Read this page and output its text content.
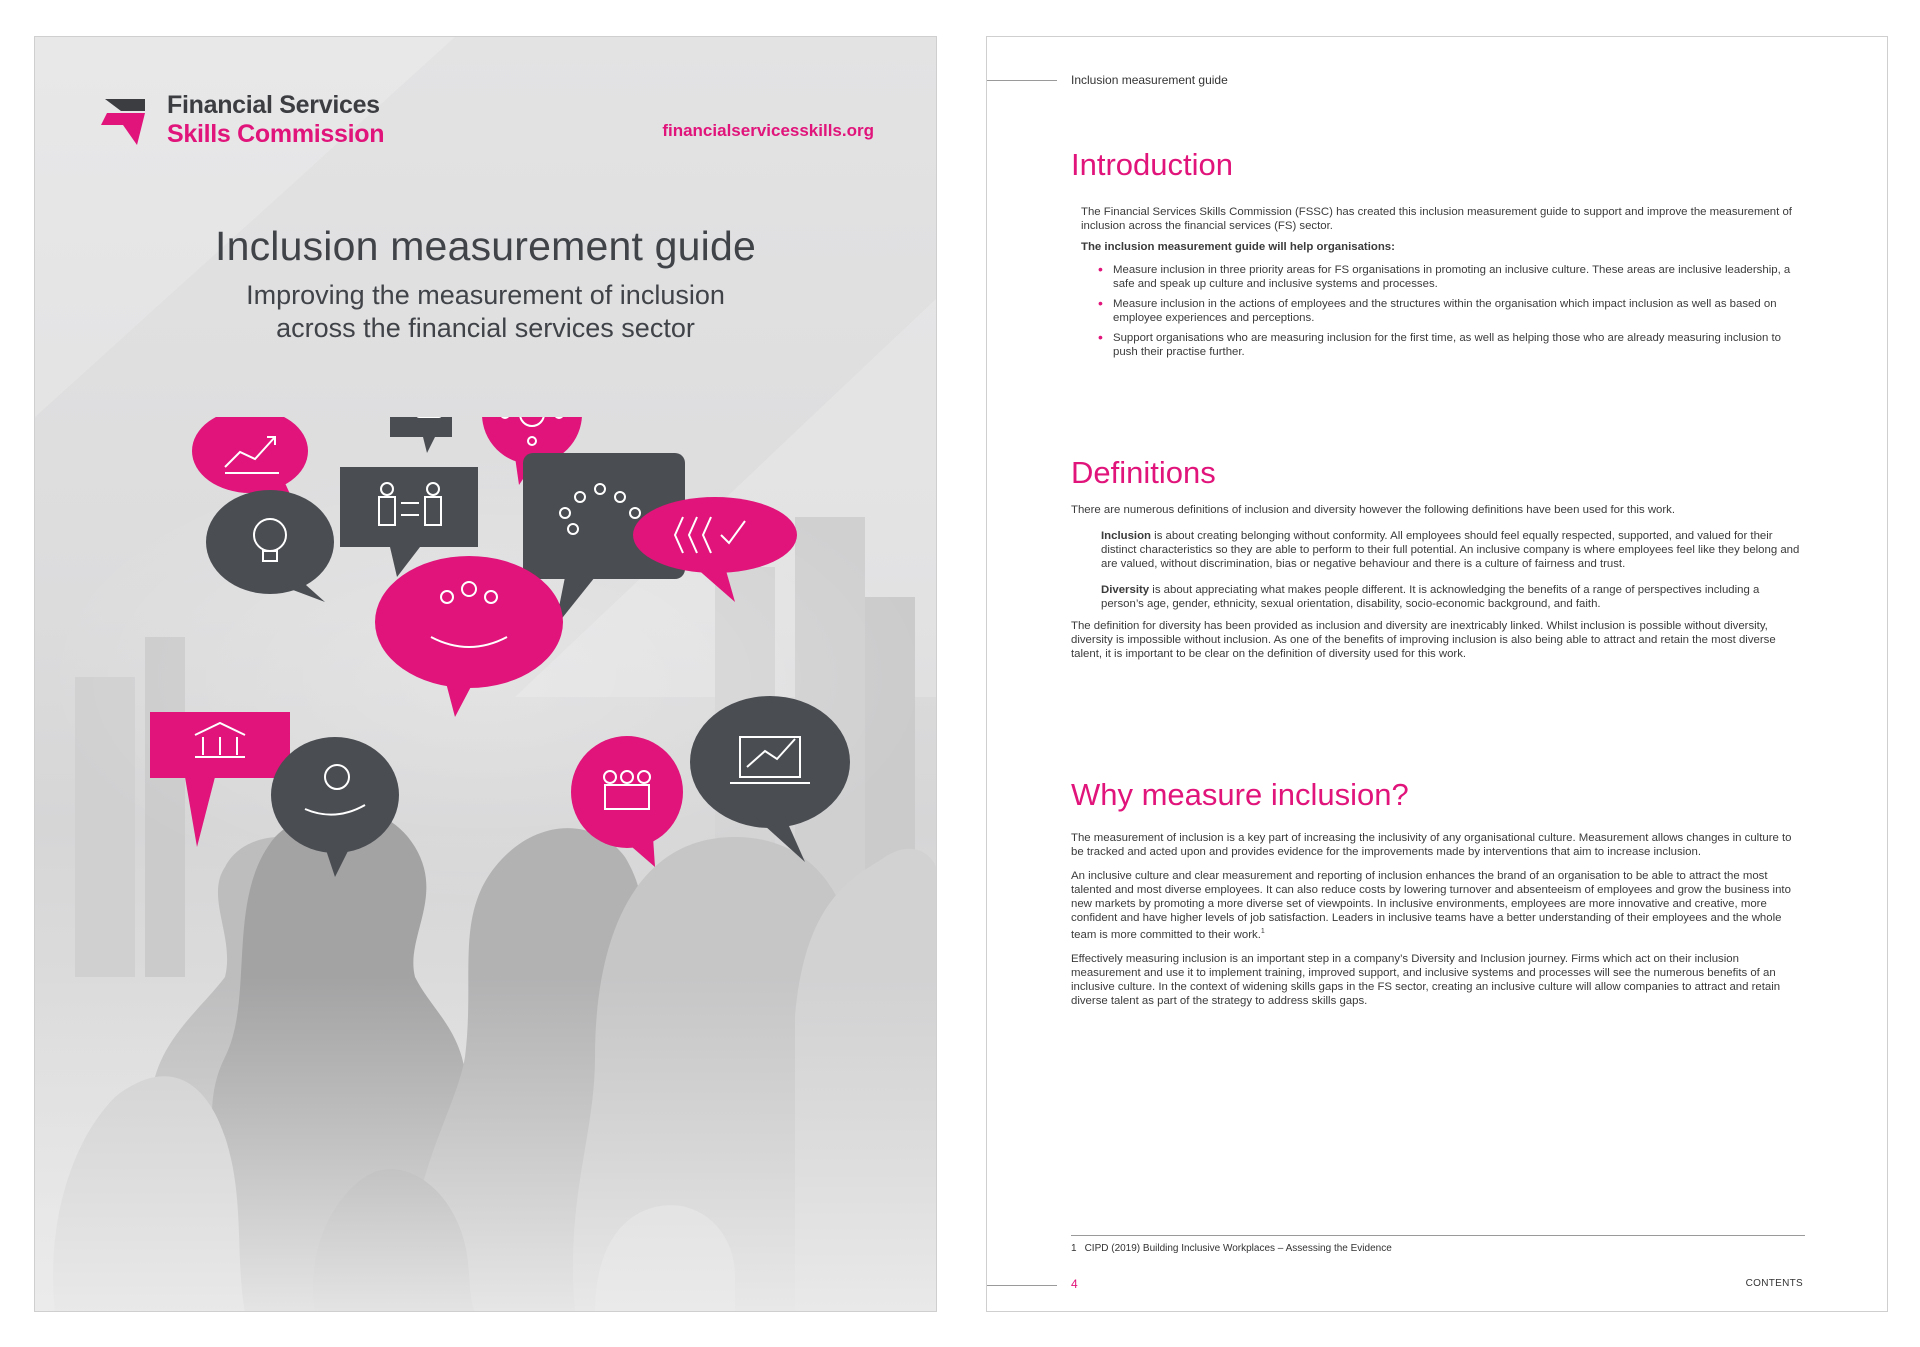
Financial Services
Skills Commission	financialservicesskills.org
Inclusion measurement guide
Improving the measurement of inclusion
across the financial services sector
Inclusion measurement guide
Introduction

The Financial Services Skills Commission (FSSC) has created this inclusion measurement guide to support and improve the measurement of inclusion across the financial services (FS) sector.

The inclusion measurement guide will help organisations:
• Measure inclusion in three priority areas for FS organisations in promoting an inclusive culture. These areas are inclusive leadership, a safe and speak up culture and inclusive systems and processes.
• Measure inclusion in the actions of employees and the structures within the organisation which impact inclusion as well as based on employee experiences and perceptions.
• Support organisations who are measuring inclusion for the first time, as well as helping those who are already measuring inclusion to push their practise further.
Definitions

There are numerous definitions of inclusion and diversity however the following definitions have been used for this work.

Inclusion is about creating belonging without conformity. All employees should feel equally respected, supported, and valued for their distinct characteristics so they are able to perform to their full potential. An inclusive company is where employees feel like they belong and are valued, without discrimination, bias or negative behaviour and there is a culture of fairness and trust.

Diversity is about appreciating what makes people different. It is acknowledging the benefits of a range of perspectives including a person’s age, gender, ethnicity, sexual orientation, disability, socio-economic background, and faith.

The definition for diversity has been provided as inclusion and diversity are inextricably linked. Whilst inclusion is possible without diversity, diversity is impossible without inclusion. As one of the benefits of improving inclusion is also being able to attract and retain the most diverse talent, it is important to be clear on the definition of diversity used for this work.

Why measure inclusion?

The measurement of inclusion is a key part of increasing the inclusivity of any organisational culture. Measurement allows changes in culture to be tracked and acted upon and provides evidence for the improvements made by interventions that aim to increase inclusion.

An inclusive culture and clear measurement and reporting of inclusion enhances the brand of an organisation to be able to attract the most talented and most diverse employees. It can also reduce costs by lowering turnover and absenteeism of employees and grow the business into new markets by promoting a more diverse set of viewpoints. In inclusive environments, employees are more innovative and creative, more confident and have higher levels of job satisfaction. Leaders in inclusive teams have a better understanding of their employees and the whole team is more committed to their work.$^1$

Effectively measuring inclusion is an important step in a company’s Diversity and Inclusion journey. Firms which act on their inclusion measurement and use it to implement training, improved support, and inclusive systems and processes will see the numerous benefits of an inclusive culture. In the context of widening skills gaps in the FS sector, creating an inclusive culture will allow companies to attract and retain diverse talent as part of the strategy to address skills gaps.

1 CIPD (2019) Building Inclusive Workplaces – Assessing the Evidence
4	CONTENTS
